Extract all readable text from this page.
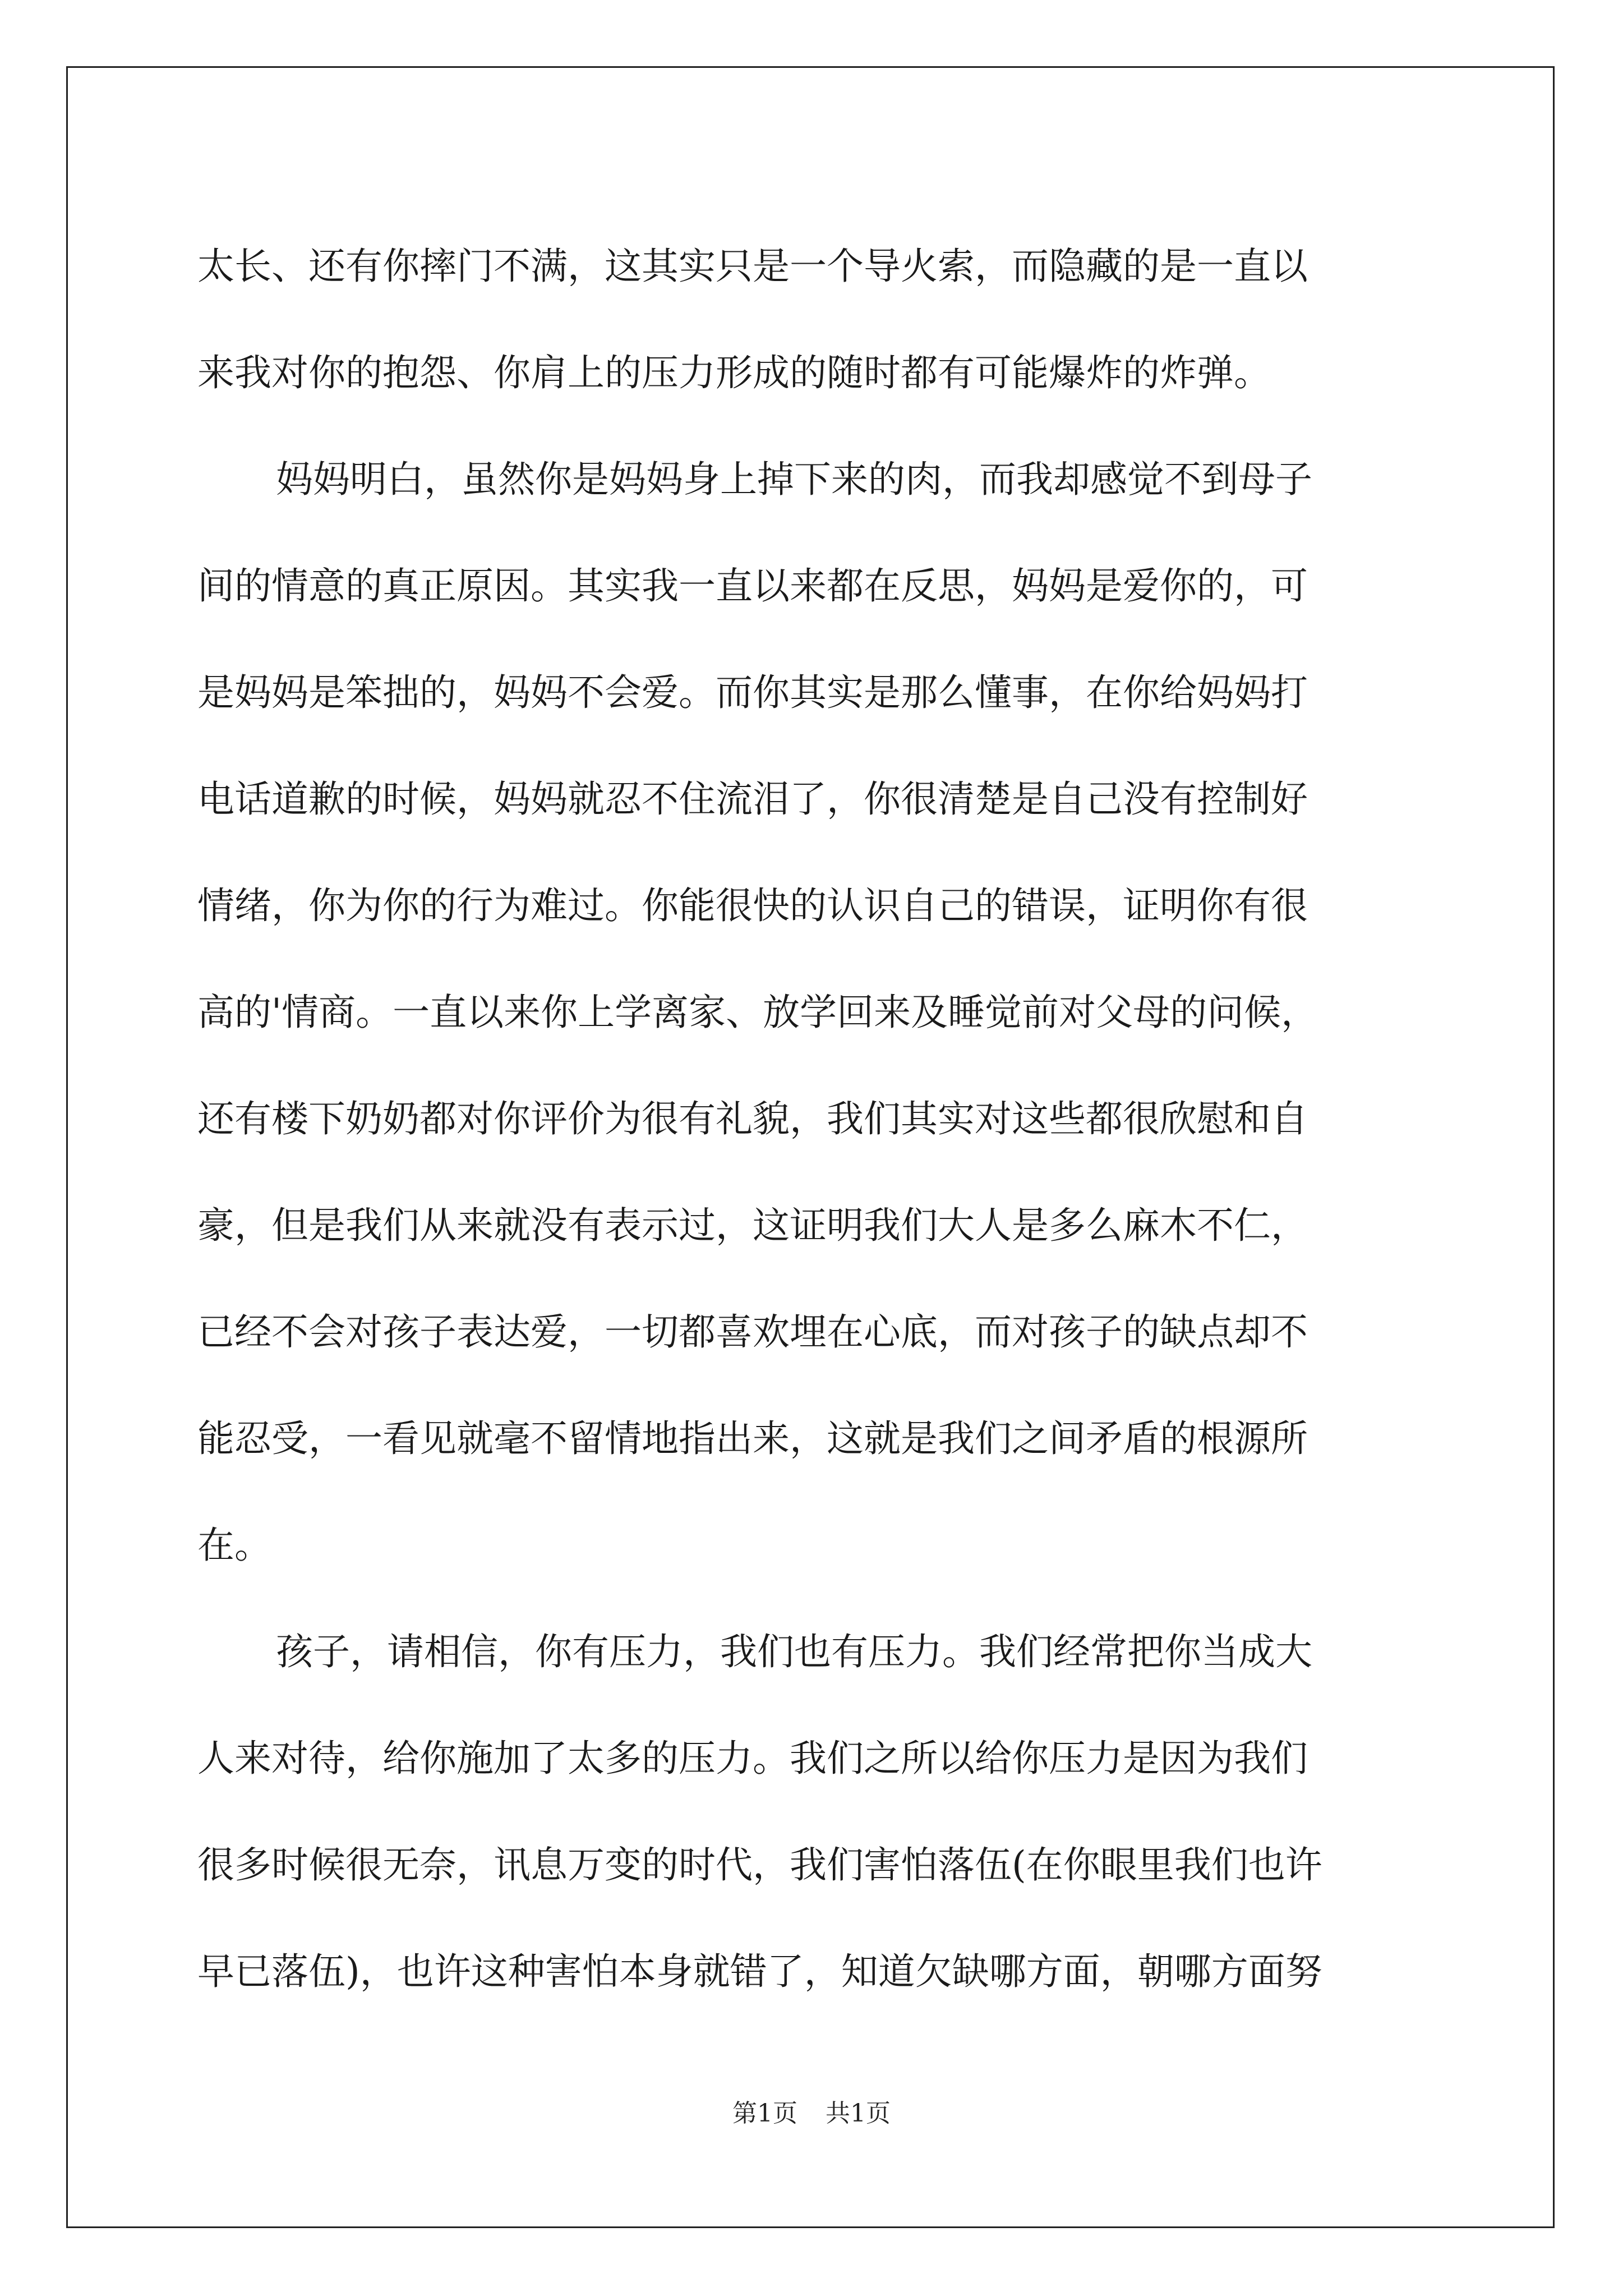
太长、还有你摔门不满，这其实只是一个导火索，而隐藏的是一直以
来我对你的抱怨、你肩上的压力形成的随时都有可能爆炸的炸弹。
妈妈明白，虽然你是妈妈身上掉下来的肉，而我却感觉不到母子
间的情意的真正原因。其实我一直以来都在反思，妈妈是爱你的，可
是妈妈是笨拙的，妈妈不会爱。而你其实是那么懂事，在你给妈妈打
电话道歉的时候，妈妈就忍不住流泪了，你很清楚是自己没有控制好
情绪，你为你的行为难过。你能很快的认识自己的错误，证明你有很
高的'情商。一直以来你上学离家、放学回来及睡觉前对父母的问候，
还有楼下奶奶都对你评价为很有礼貌，我们其实对这些都很欣慰和自
豪，但是我们从来就没有表示过，这证明我们大人是多么麻木不仁，
已经不会对孩子表达爱，一切都喜欢埋在心底，而对孩子的缺点却不
能忍受，一看见就毫不留情地指出来，这就是我们之间矛盾的根源所
在。
孩子，请相信，你有压力，我们也有压力。我们经常把你当成大
人来对待，给你施加了太多的压力。我们之所以给你压力是因为我们
很多时候很无奈，讯息万变的时代，我们害怕落伍(在你眼里我们也许
早已落伍)，也许这种害怕本身就错了，知道欠缺哪方面，朝哪方面努
第1页 共1页
